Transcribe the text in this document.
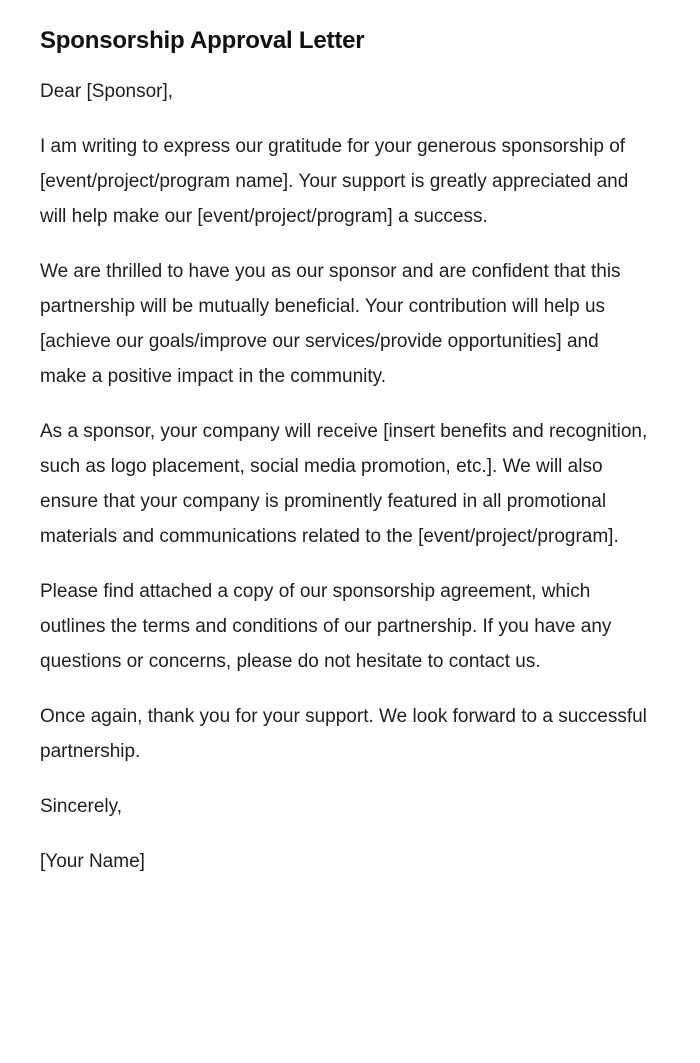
Sponsorship Approval Letter

Dear [Sponsor],

I am writing to express our gratitude for your generous sponsorship of [event/project/program name]. Your support is greatly appreciated and will help make our [event/project/program] a success.

We are thrilled to have you as our sponsor and are confident that this partnership will be mutually beneficial. Your contribution will help us [achieve our goals/improve our services/provide opportunities] and make a positive impact in the community.

As a sponsor, your company will receive [insert benefits and recognition, such as logo placement, social media promotion, etc.]. We will also ensure that your company is prominently featured in all promotional materials and communications related to the [event/project/program].

Please find attached a copy of our sponsorship agreement, which outlines the terms and conditions of our partnership. If you have any questions or concerns, please do not hesitate to contact us.

Once again, thank you for your support. We look forward to a successful partnership.

Sincerely,

[Your Name]
